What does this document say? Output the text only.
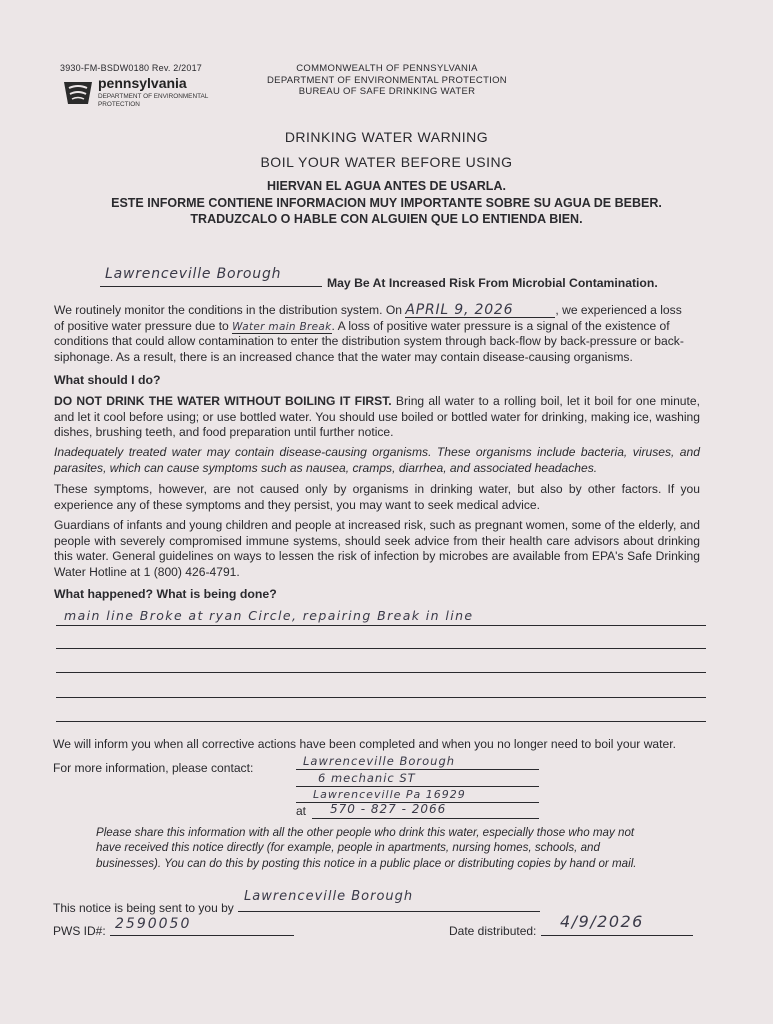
3930-FM-BSDW0180 Rev. 2/2017
pennsylvania
DEPARTMENT OF ENVIRONMENTAL
PROTECTION
COMMONWEALTH OF PENNSYLVANIA
DEPARTMENT OF ENVIRONMENTAL PROTECTION
BUREAU OF SAFE DRINKING WATER
DRINKING WATER WARNING
BOIL YOUR WATER BEFORE USING
HIERVAN EL AGUA ANTES DE USARLA.
ESTE INFORME CONTIENE INFORMACION MUY IMPORTANTE SOBRE SU AGUA DE BEBER.
TRADUZCALO O HABLE CON ALGUIEN QUE LO ENTIENDA BIEN.
Lawrenceville Borough
May Be At Increased Risk From Microbial Contamination.
We routinely monitor the conditions in the distribution system. On APRIL 9, 2026	, we experienced a loss
of positive water pressure due to Water main Break. A loss of positive water pressure is a signal of the existence of conditions that could allow contamination to enter the distribution system through back-flow by back-pressure or back-siphonage. As a result, there is an increased chance that the water may contain disease-causing organisms.
What should I do?
DO NOT DRINK THE WATER WITHOUT BOILING IT FIRST. Bring all water to a rolling boil, let it boil for one minute, and let it cool before using; or use bottled water. You should use boiled or bottled water for drinking, making ice, washing dishes, brushing teeth, and food preparation until further notice.
Inadequately treated water may contain disease-causing organisms. These organisms include bacteria, viruses, and parasites, which can cause symptoms such as nausea, cramps, diarrhea, and associated headaches.
These symptoms, however, are not caused only by organisms in drinking water, but also by other factors. If you experience any of these symptoms and they persist, you may want to seek medical advice.
Guardians of infants and young children and people at increased risk, such as pregnant women, some of the elderly, and people with severely compromised immune systems, should seek advice from their health care advisors about drinking this water. General guidelines on ways to lessen the risk of infection by microbes are available from EPA's Safe Drinking Water Hotline at 1 (800) 426-4791.
What happened? What is being done?
main line Broke at ryan Circle, repairing Break in line
We will inform you when all corrective actions have been completed and when you no longer need to boil your water.
For more information, please contact:	Lawrenceville Borough
6 mechanic ST
Lawrenceville Pa 16929
at 570 - 827 - 2066
Please share this information with all the other people who drink this water, especially those who may not have received this notice directly (for example, people in apartments, nursing homes, schools, and businesses). You can do this by posting this notice in a public place or distributing copies by hand or mail.
This notice is being sent to you by
Lawrenceville Borough
PWS ID#: 2590050	Date distributed: 4/9/2026
